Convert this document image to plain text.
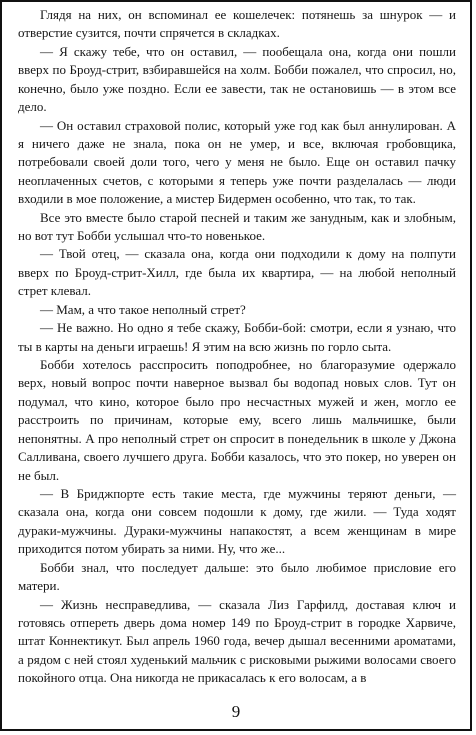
Глядя на них, он вспоминал ее кошелечек: потянешь за шнурок — и отверстие сузится, почти спрячется в складках.

— Я скажу тебе, что он оставил, — пообещала она, когда они пошли вверх по Броуд-стрит, взбиравшейся на холм. Бобби пожалел, что спросил, но, конечно, было уже поздно. Если ее завести, так не остановишь — в этом все дело.

— Он оставил страховой полис, который уже год как был аннулирован. А я ничего даже не знала, пока он не умер, и все, включая гробовщика, потребовали своей доли того, чего у меня не было. Еще он оставил пачку неоплаченных счетов, с которыми я теперь уже почти разделалась — люди входили в мое положение, а мистер Бидермен особенно, что так, то так.

Все это вместе было старой песней и таким же занудным, как и злобным, но вот тут Бобби услышал что-то новенькое.

— Твой отец, — сказала она, когда они подходили к дому на полпути вверх по Броуд-стрит-Хилл, где была их квартира, — на любой неполный стрет клевал.

— Мам, а что такое неполный стрет?

— Не важно. Но одно я тебе скажу, Бобби-бой: смотри, если я узнаю, что ты в карты на деньги играешь! Я этим на всю жизнь по горло сыта.

Бобби хотелось расспросить поподробнее, но благоразумие одержало верх, новый вопрос почти наверное вызвал бы водопад новых слов. Тут он подумал, что кино, которое было про несчастных мужей и жен, могло ее расстроить по причинам, которые ему, всего лишь мальчишке, были непонятны. А про неполный стрет он спросит в понедельник в школе у Джона Салливана, своего лучшего друга. Бобби казалось, что это покер, но уверен он не был.

— В Бриджпорте есть такие места, где мужчины теряют деньги, — сказала она, когда они совсем подошли к дому, где жили. — Туда ходят дураки-мужчины. Дураки-мужчины напакостят, а всем женщинам в мире приходится потом убирать за ними. Ну, что же...

Бобби знал, что последует дальше: это было любимое присловие его матери.

— Жизнь несправедлива, — сказала Лиз Гарфилд, доставая ключ и готовясь отпереть дверь дома номер 149 по Броуд-стрит в городке Харвиче, штат Коннектикут. Был апрель 1960 года, вечер дышал весенними ароматами, а рядом с ней стоял худенький мальчик с рисковыми рыжими волосами своего покойного отца. Она никогда не прикасалась к его волосам, а в

9
